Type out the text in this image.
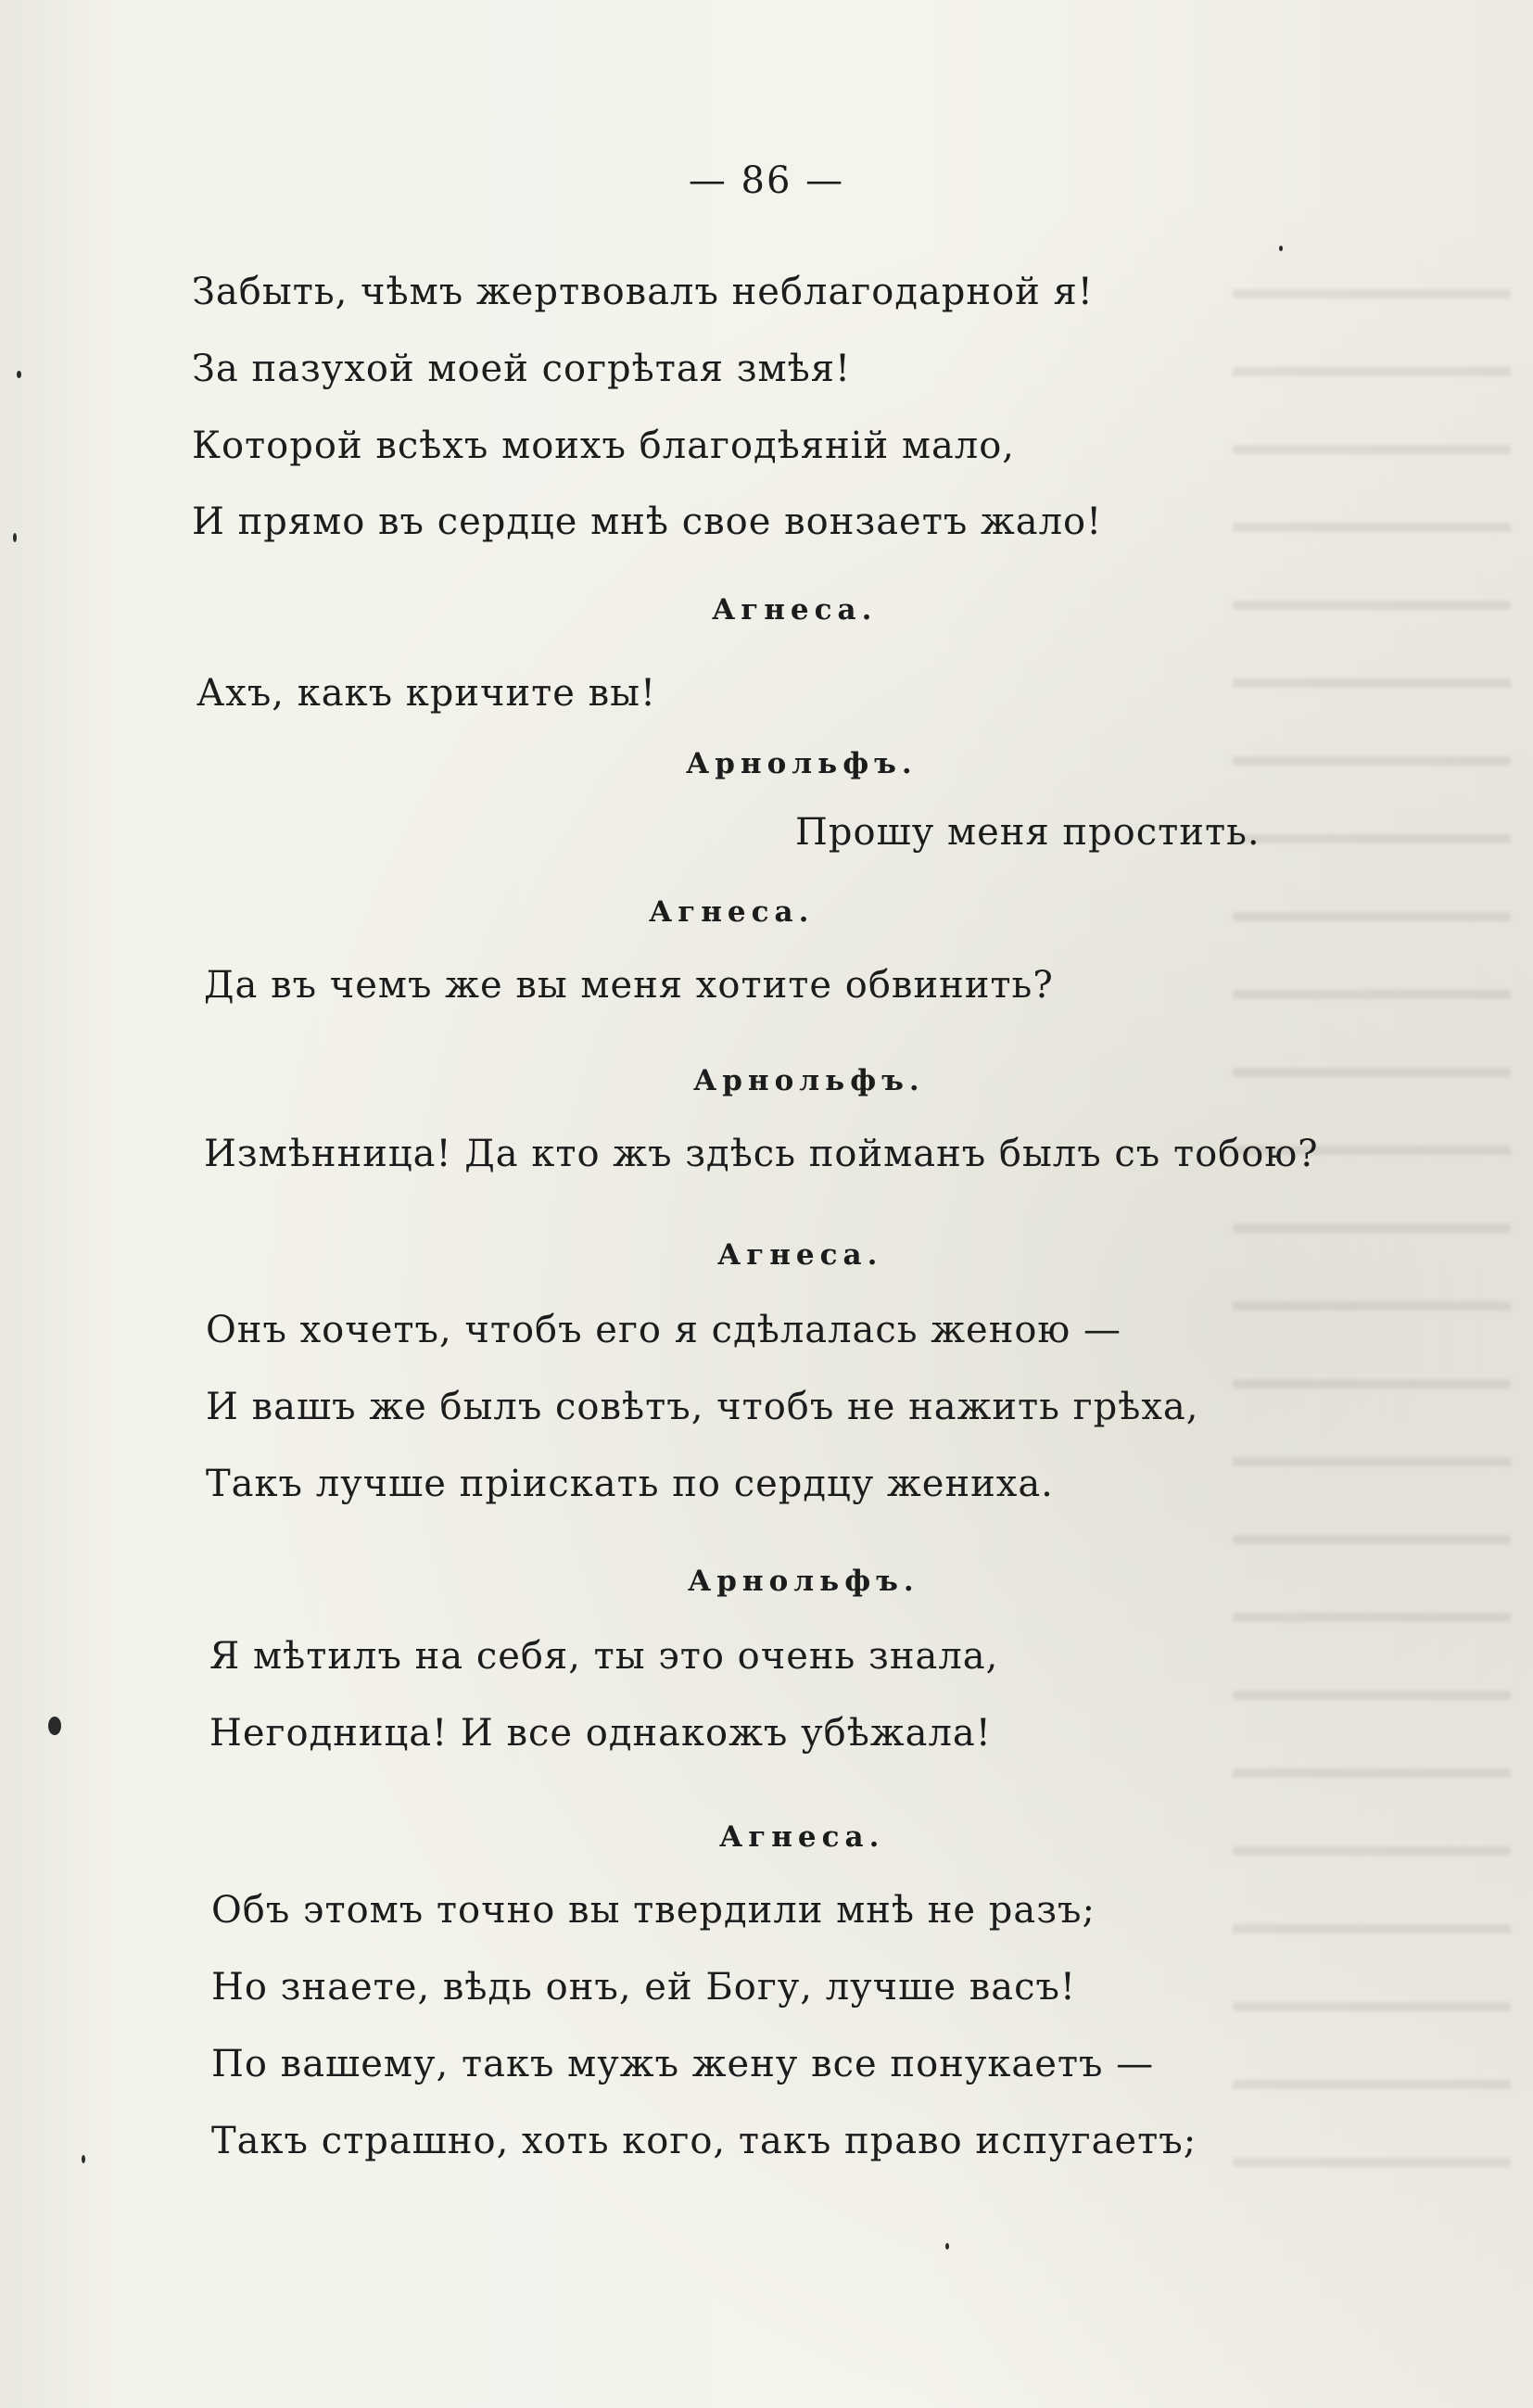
— 86 —
Забыть, чѣмъ жертвовалъ неблагодарной я!
За пазухой моей согрѣтая змѣя!
Которой всѣхъ моихъ благодѣяній мало,
И прямо въ сердце мнѣ свое вонзаетъ жало!
Агнеса.
Ахъ, какъ кричите вы!
Арнольфъ.
Прошу меня простить.
Агнеса.
Да въ чемъ же вы меня хотите обвинить?
Арнольфъ.
Измѣнница! Да кто жъ здѣсь пойманъ былъ съ тобою?
Агнеса.
Онъ хочетъ, чтобъ его я сдѣлалась женою —
И вашъ же былъ совѣтъ, чтобъ не нажить грѣха,
Такъ лучше пріискать по сердцу жениха.
Арнольфъ.
Я мѣтилъ на себя, ты это очень знала,
Негодница! И все однакожъ убѣжала!
Агнеса.
Объ этомъ точно вы твердили мнѣ не разъ;
Но знаете, вѣдь онъ, ей Богу, лучше васъ!
По вашему, такъ мужъ жену все понукаетъ —
Такъ страшно, хоть кого, такъ право испугаетъ;
